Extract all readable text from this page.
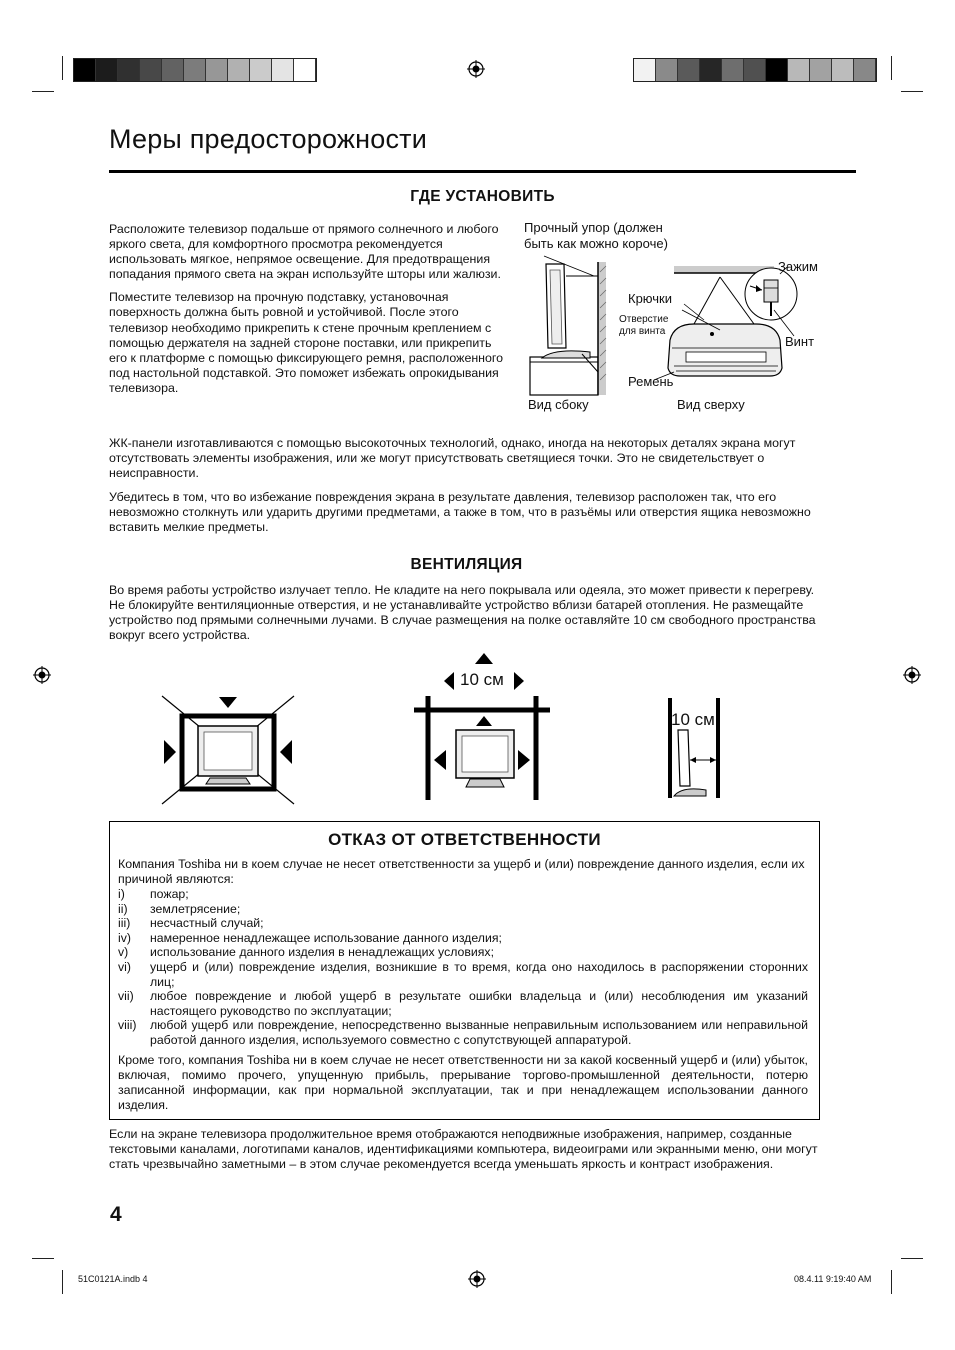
Меры предосторожности
ГДЕ УСТАНОВИТЬ

Расположите телевизор подальше от прямого солнечного и любого яркого света, для комфортного просмотра рекомендуется использовать мягкое, непрямое освещение. Для предотвращения попадания прямого света на экран используйте шторы или жалюзи.

Поместите телевизор на прочную подставку, установочная поверхность должна быть ровной и устойчивой. После этого телевизор необходимо прикрепить к стене прочным креплением с помощью держателя на задней стороне поставки, или прикрепить его к платформе с помощью фиксирующего ремня, расположенного под настольной подставкой. Это поможет избежать опрокидывания телевизора.

Прочный упор (должен
быть как можно короче)
Зажим
Крючки
Отверстие
для винта
Винт
Ремень
Вид сбоку	Вид сверху

ЖК-панели изготавливаются с помощью высокоточных технологий, однако, иногда на некоторых деталях экрана могут отсутствовать элементы изображения, или же могут присутствовать светящиеся точки. Это не свидетельствует о неисправности.

Убедитесь в том, что во избежание повреждения экрана в результате давления, телевизор расположен так, что его невозможно столкнуть или ударить другими предметами, а также в том, что в разъёмы или отверстия ящика невозможно вставить мелкие предметы.

ВЕНТИЛЯЦИЯ

Во время работы устройство излучает тепло. Не кладите на него покрывала или одеяла, это может привести к перегреву. Не блокируйте вентиляционные отверстия, и не устанавливайте устройство вблизи батарей отопления. Не размещайте устройство под прямыми солнечными лучами. В случае размещения на полке оставляйте 10 см свободного пространства вокруг всего устройства.

10 см
10 см
ОТКАЗ ОТ ОТВЕТСТВЕННОСТИ

Компания Toshiba ни в коем случае не несет ответственности за ущерб и (или) повреждение данного изделия, если их причиной являются:

i)	пожар;
ii)	землетрясение;
iii)	несчастный случай;
iv)	намеренное ненадлежащее использование данного изделия;
v)	использование данного изделия в ненадлежащих условиях;
vi)	ущерб и (или) повреждение изделия, возникшие в то время, когда оно находилось в распоряжении сторонних лиц;
vii)	любое повреждение и любой ущерб в результате ошибки владельца и (или) несоблюдения им указаний настоящего руководство по эксплуатации;
viii)	любой ущерб или повреждение, непосредственно вызванные неправильным использованием или неправильной работой данного изделия, используемого совместно с сопутствующей аппаратурой.

Кроме того, компания Toshiba ни в коем случае не несет ответственности ни за какой косвенный ущерб и (или) убыток, включая, помимо прочего, упущенную прибыль, прерывание торгово-промышленной деятельности, потерю записанной информации, как при нормальной эксплуатации, так и при ненадлежащем использовании данного изделия.

Если на экране телевизора продолжительное время отображаются неподвижные изображения, например, созданные текстовыми каналами, логотипами каналов, идентификациями компьютера, видеоиграми или экранными меню, они могут стать чрезвычайно заметными – в этом случае рекомендуется всегда уменьшать яркость и контраст изображения.

4
51C0121A.indb 4	08.4.11 9:19:40 AM
